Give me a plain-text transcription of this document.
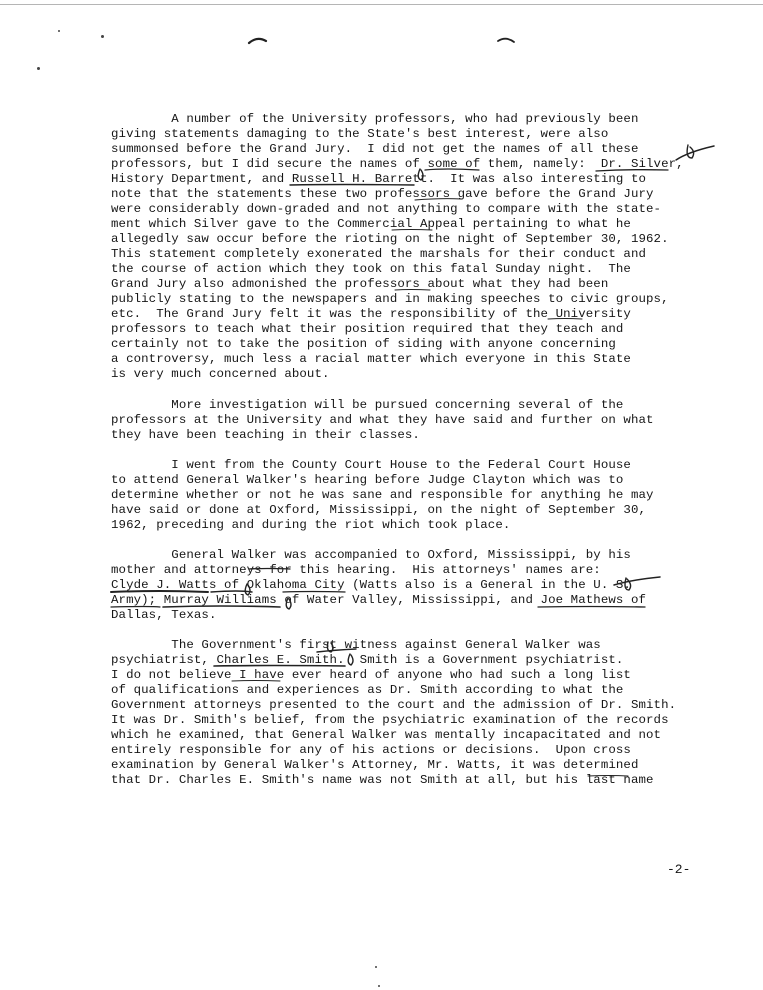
A number of the University professors, who had previously been
giving statements damaging to the State's best interest, were also
summonsed before the Grand Jury.  I did not get the names of all these
professors, but I did secure the names of some of them, namely:  Dr. Silver,
History Department, and Russell H. Barrett.  It was also interesting to
note that the statements these two professors gave before the Grand Jury
were considerably down-graded and not anything to compare with the state-
ment which Silver gave to the Commercial Appeal pertaining to what he
allegedly saw occur before the rioting on the night of September 30, 1962.
This statement completely exonerated the marshals for their conduct and
the course of action which they took on this fatal Sunday night.  The
Grand Jury also admonished the professors about what they had been
publicly stating to the newspapers and in making speeches to civic groups,
etc.  The Grand Jury felt it was the responsibility of the University
professors to teach what their position required that they teach and
certainly not to take the position of siding with anyone concerning
a controversy, much less a racial matter which everyone in this State
is very much concerned about.
More investigation will be pursued concerning several of the
professors at the University and what they have said and further on what
they have been teaching in their classes.
I went from the County Court House to the Federal Court House
to attend General Walker's hearing before Judge Clayton which was to
determine whether or not he was sane and responsible for anything he may
have said or done at Oxford, Mississippi, on the night of September 30,
1962, preceding and during the riot which took place.
General Walker was accompanied to Oxford, Mississippi, by his
mother and attorneys for this hearing.  His attorneys' names are:
Clyde J. Watts of Oklahoma City (Watts also is a General in the U. S.
Army); Murray Williams of Water Valley, Mississippi, and Joe Mathews of
Dallas, Texas.
The Government's first witness against General Walker was
psychiatrist, Charles E. Smith.  Smith is a Government psychiatrist.
I do not believe I have ever heard of anyone who had such a long list
of qualifications and experiences as Dr. Smith according to what the
Government attorneys presented to the court and the admission of Dr. Smith.
It was Dr. Smith's belief, from the psychiatric examination of the records
which he examined, that General Walker was mentally incapacitated and not
entirely responsible for any of his actions or decisions.  Upon cross
examination by General Walker's Attorney, Mr. Watts, it was determined
that Dr. Charles E. Smith's name was not Smith at all, but his last name
-2-
